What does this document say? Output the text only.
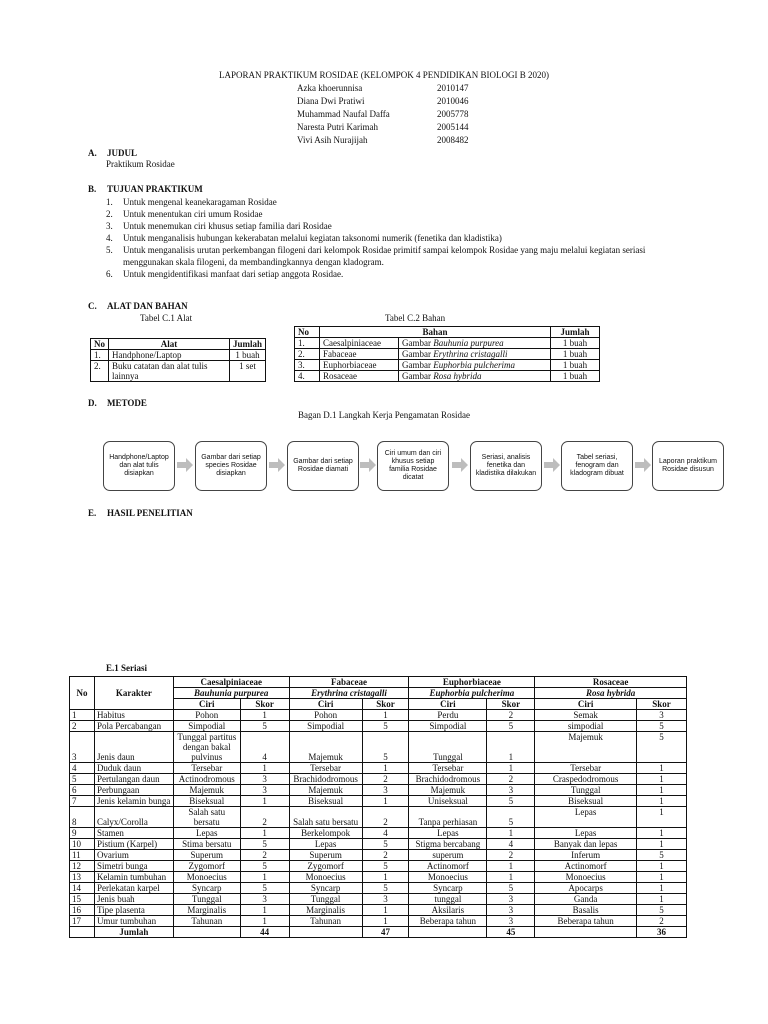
LAPORAN PRAKTIKUM ROSIDAE (KELOMPOK 4 PENDIDIKAN BIOLOGI B 2020)
Azka khoerunnisa	2010147
Diana Dwi Pratiwi	2010046
Muhammad Naufal Daffa	2005778
Naresta Putri Karimah	2005144
Vivi Asih Nurajijah	2008482
A. JUDUL
Praktikum Rosidae
B. TUJUAN PRAKTIKUM
1.	Untuk mengenal keanekaragaman Rosidae
2.	Untuk menentukan ciri umum Rosidae
3.	Untuk menemukan ciri khusus setiap familia dari Rosidae
4.	Untuk menganalisis hubungan kekerabatan melalui kegiatan taksonomi numerik (fenetika dan kladistika)
5.	Untuk menganalisis urutan perkembangan filogeni dari kelompok Rosidae primitif sampai kelompok Rosidae yang maju melalui kegiatan seriasi menggunakan skala filogeni, da membandingkannya dengan kladogram.
6.	Untuk mengidentifikasi manfaat dari setiap anggota Rosidae.
C. ALAT DAN BAHAN
Tabel C.1 Alat
No	Alat	Jumlah
1.	Handphone/Laptop	1 buah
2.	Buku catatan dan alat tulis lainnya	1 set
Tabel C.2 Bahan
No	Bahan		Jumlah
1.	Caesalpiniaceae	Gambar Bauhunia purpurea	1 buah
2.	Fabaceae	Gambar Erythrina cristagalli	1 buah
3.	Euphorbiaceae	Gambar Euphorbia pulcherima	1 buah
4.	Rosaceae	Gambar Rosa hybrida	1 buah
D. METODE
Bagan D.1 Langkah Kerja Pengamatan Rosidae
Handphone/Laptop dan alat tulis disiapkan
Gambar dari setiap species Rosidae disiapkan
Gambar dari setiap Rosidae diamati
Ciri umum dan ciri khusus setiap familia Rosidae dicatat
Seriasi, analisis fenetika dan kladistika dilakukan
Tabel seriasi, fenogram dan kladogram dibuat
Laporan praktikum Rosidae disusun
E. HASIL PENELITIAN
E.1 Seriasi
No	Karakter	Caesalpiniaceae		Fabaceae		Euphorbiaceae		Rosaceae	
		Bauhunia purpurea		Erythrina cristagalli		Euphorbia pulcherima		Rosa hybrida	
		Ciri	Skor	Ciri	Skor	Ciri	Skor	Ciri	Skor
1	Habitus	Pohon	1	Pohon	1	Perdu	2	Semak	3
2	Pola Percabangan	Simpodial	5	Simpodial	5	Simpodial	5	simpodial	5
3	Jenis daun	Tunggal partitus dengan bakal pulvinus	4	Majemuk	5	Tunggal	1	Majemuk	5
4	Duduk daun	Tersebar	1	Tersebar	1	Tersebar	1	Tersebar	1
5	Pertulangan daun	Actinodromous	3	Brachidodromous	2	Brachidodromous	2	Craspedodromous	1
6	Perbungaan	Majemuk	3	Majemuk	3	Majemuk	3	Tunggal	1
7	Jenis kelamin bunga	Biseksual	1	Biseksual	1	Uniseksual	5	Biseksual	1
8	Calyx/Corolla	Salah satu bersatu	2	Salah satu bersatu	2	Tanpa perhiasan	5	Lepas	1
9	Stamen	Lepas	1	Berkelompok	4	Lepas	1	Lepas	1
10	Pistium (Karpel)	Stima bersatu	5	Lepas	5	Stigma bercabang	4	Banyak dan lepas	1
11	Ovarium	Superum	2	Superum	2	superum	2	Inferum	5
12	Simetri bunga	Zygomorf	5	Zygomorf	5	Actinomorf	1	Actinomorf	1
13	Kelamin tumbuhan	Monoecius	1	Monoecius	1	Monoecius	1	Monoecius	1
14	Perlekatan karpel	Syncarp	5	Syncarp	5	Syncarp	5	Apocarps	1
15	Jenis buah	Tunggal	3	Tunggal	3	tunggal	3	Ganda	1
16	Tipe plasenta	Marginalis	1	Marginalis	1	Aksilaris	3	Basalis	5
17	Umur tumbuhan	Tahunan	1	Tahunan	1	Beberapa tahun	3	Beberapa tahun	2
	Jumlah		44		47		45		36
